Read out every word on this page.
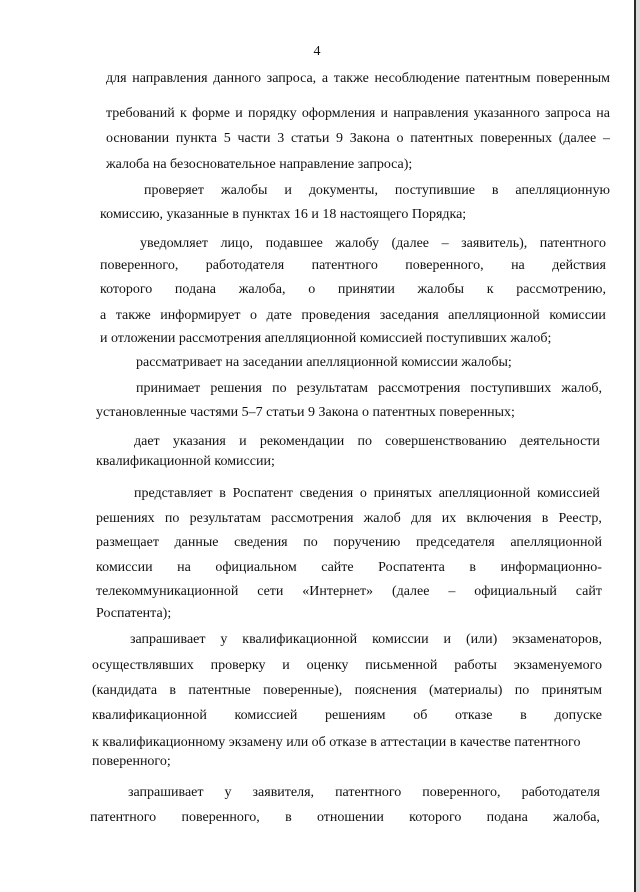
4
для направления данного запроса, а также несоблюдение патентным поверенным
требований к форме и порядку оформления и направления указанного запроса на
основании пункта 5 части 3 статьи 9 Закона о патентных поверенных (далее –
жалоба на безосновательное направление запроса);
проверяет жалобы и документы, поступившие в апелляционную
комиссию, указанные в пунктах 16 и 18 настоящего Порядка;
уведомляет лицо, подавшее жалобу (далее – заявитель), патентного
поверенного, работодателя патентного поверенного, на действия
которого подана жалоба, о принятии жалобы к рассмотрению,
а также информирует о дате проведения заседания апелляционной комиссии
и отложении рассмотрения апелляционной комиссией поступивших жалоб;
рассматривает на заседании апелляционной комиссии жалобы;
принимает решения по результатам рассмотрения поступивших жалоб,
установленные частями 5–7 статьи 9 Закона о патентных поверенных;
дает указания и рекомендации по совершенствованию деятельности
квалификационной комиссии;
представляет в Роспатент сведения о принятых апелляционной комиссией
решениях по результатам рассмотрения жалоб для их включения в Реестр,
размещает данные сведения по поручению председателя апелляционной
комиссии на официальном сайте Роспатента в информационно-
телекоммуникационной сети «Интернет» (далее – официальный сайт
Роспатента);
запрашивает у квалификационной комиссии и (или) экзаменаторов,
осуществлявших проверку и оценку письменной работы экзаменуемого
(кандидата в патентные поверенные), пояснения (материалы) по принятым
квалификационной комиссией решениям об отказе в допуске
к квалификационному экзамену или об отказе в аттестации в качестве патентного
поверенного;
запрашивает у заявителя, патентного поверенного, работодателя
патентного поверенного, в отношении которого подана жалоба,
